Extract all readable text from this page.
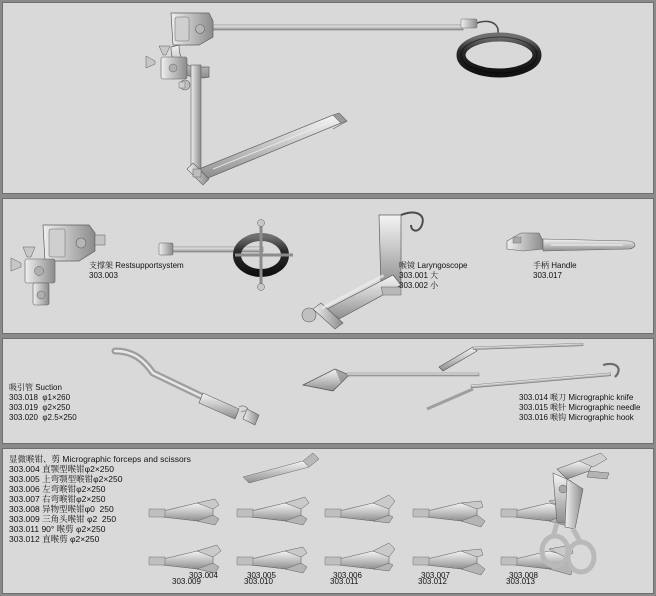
支撑架 Restsupportsystem
303.003
喉镜 Laryngoscope
303.001 大
303.002 小
手柄 Handle
303.017
吸引管 Suction
303.018  φ1×260
303.019  φ2×250
303.020  φ2.5×250
303.014 喉刀 Micrographic knife
303.015 喉针 Micrographic needle
303.016 喉钩 Micrographic hook
显微喉钳、剪 Micrographic forceps and scissors
303.004 直颚型喉钳φ2×250
303.005 上弯颚型喉钳φ2×250
303.006 左弯喉钳φ2×250
303.007 右弯喉钳φ2×250
303.008 异物型喉钳φ0  250
303.009 三角头喉钳 φ2  250
303.011 90° 喉剪 φ2×250
303.012 直喉剪 φ2×250
303.004	303.005	303.006	303.007	303.008
303.009	303.010	303.011	303.012	303.013
